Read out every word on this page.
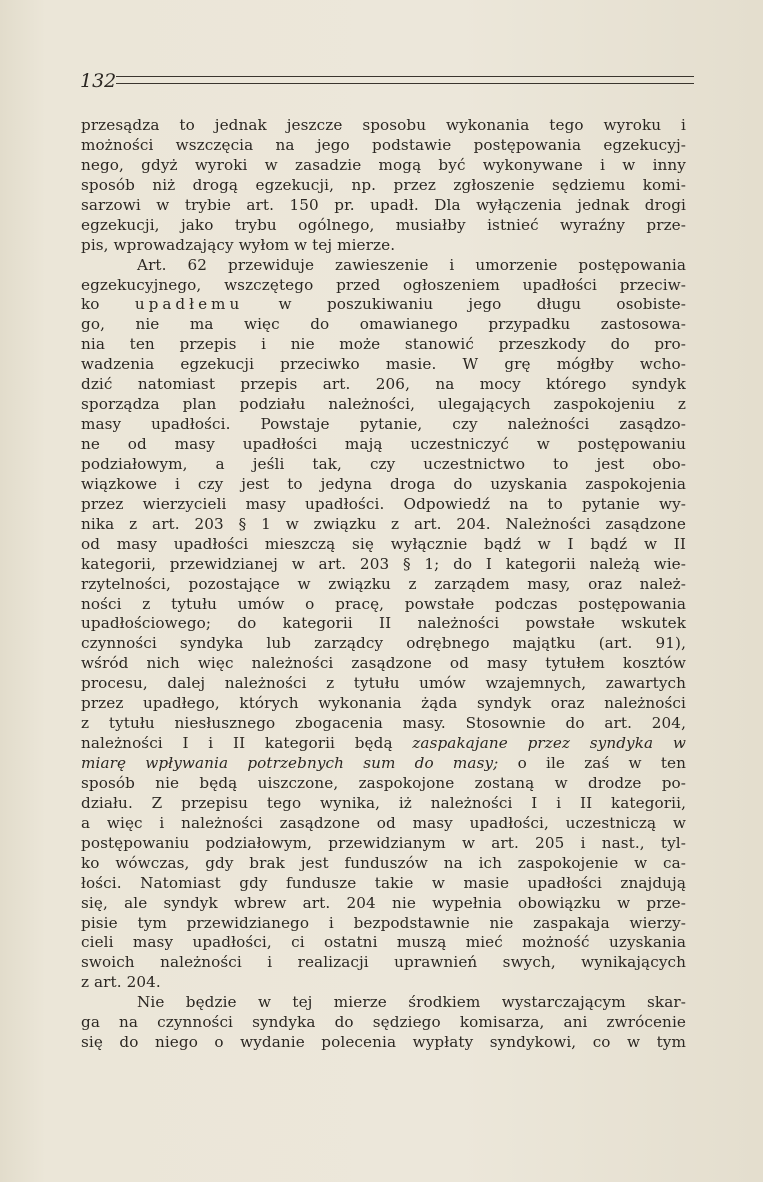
132
przesądza to jednak jeszcze sposobu wykonania tego wyroku i
możności wszczęcia na jego podstawie postępowania egzekucyj-
nego, gdyż wyroki w zasadzie mogą być wykonywane i w inny
sposób niż drogą egzekucji, np. przez zgłoszenie sędziemu komi-
sarzowi w trybie art. 150 pr. upadł. Dla wyłączenia jednak drogi
egzekucji, jako trybu ogólnego, musiałby istnieć wyraźny prze-
pis, wprowadzający wyłom w tej mierze.
Art. 62 przewiduje zawieszenie i umorzenie postępowania
egzekucyjnego, wszczętego przed ogłoszeniem upadłości przeciw-
ko upadłemu w poszukiwaniu jego długu osobiste-
go, nie ma więc do omawianego przypadku zastosowa-
nia ten przepis i nie może stanowić przeszkody do pro-
wadzenia egzekucji przeciwko masie. W grę mógłby wcho-
dzić natomiast przepis art. 206, na mocy którego syndyk
sporządza plan podziału należności, ulegających zaspokojeniu z
masy upadłości. Powstaje pytanie, czy należności zasądzo-
ne od masy upadłości mają uczestniczyć w postępowaniu
podziałowym, a jeśli tak, czy uczestnictwo to jest obo-
wiązkowe i czy jest to jedyna droga do uzyskania zaspokojenia
przez wierzycieli masy upadłości. Odpowiedź na to pytanie wy-
nika z art. 203 § 1 w związku z art. 204. Należności zasądzone
od masy upadłości mieszczą się wyłącznie bądź w I bądź w II
kategorii, przewidzianej w art. 203 § 1; do I kategorii należą wie-
rzytelności, pozostające w związku z zarządem masy, oraz należ-
ności z tytułu umów o pracę, powstałe podczas postępowania
upadłościowego; do kategorii II należności powstałe wskutek
czynności syndyka lub zarządcy odrębnego majątku (art. 91),
wśród nich więc należności zasądzone od masy tytułem kosztów
procesu, dalej należności z tytułu umów wzajemnych, zawartych
przez upadłego, których wykonania żąda syndyk oraz należności
z tytułu niesłusznego zbogacenia masy. Stosownie do art. 204,
należności I i II kategorii będą zaspakajane przez syndyka w
miarę wpływania potrzebnych sum do masy; o ile zaś w ten
sposób nie będą uiszczone, zaspokojone zostaną w drodze po-
działu. Z przepisu tego wynika, iż należności I i II kategorii,
a więc i należności zasądzone od masy upadłości, uczestniczą w
postępowaniu podziałowym, przewidzianym w art. 205 i nast., tyl-
ko wówczas, gdy brak jest funduszów na ich zaspokojenie w ca-
łości. Natomiast gdy fundusze takie w masie upadłości znajdują
się, ale syndyk wbrew art. 204 nie wypełnia obowiązku w prze-
pisie tym przewidzianego i bezpodstawnie nie zaspakaja wierzy-
cieli masy upadłości, ci ostatni muszą mieć możność uzyskania
swoich należności i realizacji uprawnień swych, wynikających
z art. 204.
Nie będzie w tej mierze środkiem wystarczającym skar-
ga na czynności syndyka do sędziego komisarza, ani zwrócenie
się do niego o wydanie polecenia wypłaty syndykowi, co w tym
